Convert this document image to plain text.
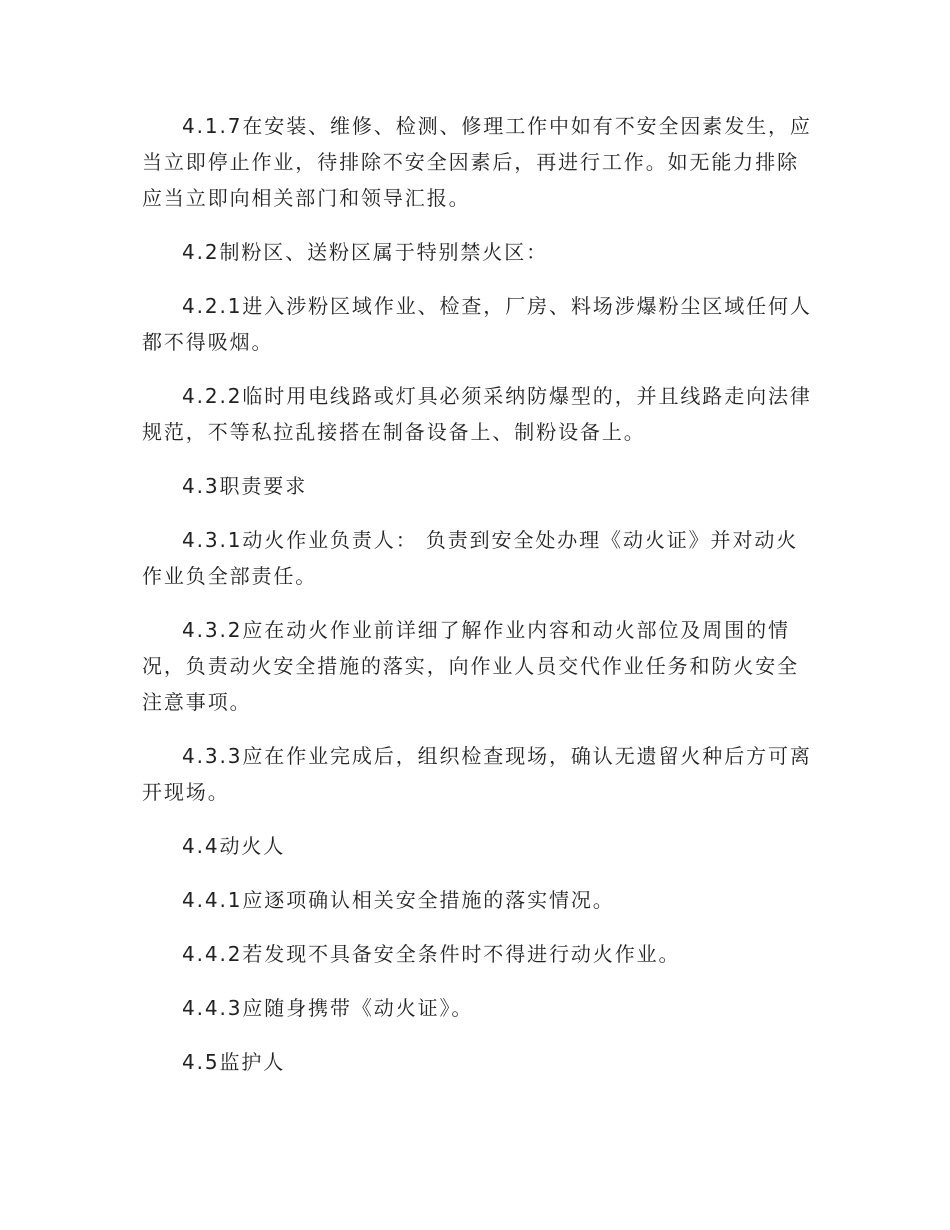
4.1.7在安装、维修、检测、修理工作中如有不安全因素发生，应当立即停止作业，待排除不安全因素后，再进行工作。如无能力排除应当立即向相关部门和领导汇报。

4.2制粉区、送粉区属于特别禁火区：

4.2.1进入涉粉区域作业、检查，厂房、料场涉爆粉尘区域任何人都不得吸烟。

4.2.2临时用电线路或灯具必须采纳防爆型的，并且线路走向法律规范，不等私拉乱接搭在制备设备上、制粉设备上。

4.3职责要求

4.3.1动火作业负责人： 负责到安全处办理《动火证》并对动火作业负全部责任。

4.3.2应在动火作业前详细了解作业内容和动火部位及周围的情况，负责动火安全措施的落实，向作业人员交代作业任务和防火安全注意事项。

4.3.3应在作业完成后，组织检查现场，确认无遗留火种后方可离开现场。

4.4动火人

4.4.1应逐项确认相关安全措施的落实情况。

4.4.2若发现不具备安全条件时不得进行动火作业。

4.4.3应随身携带《动火证》。

4.5监护人
